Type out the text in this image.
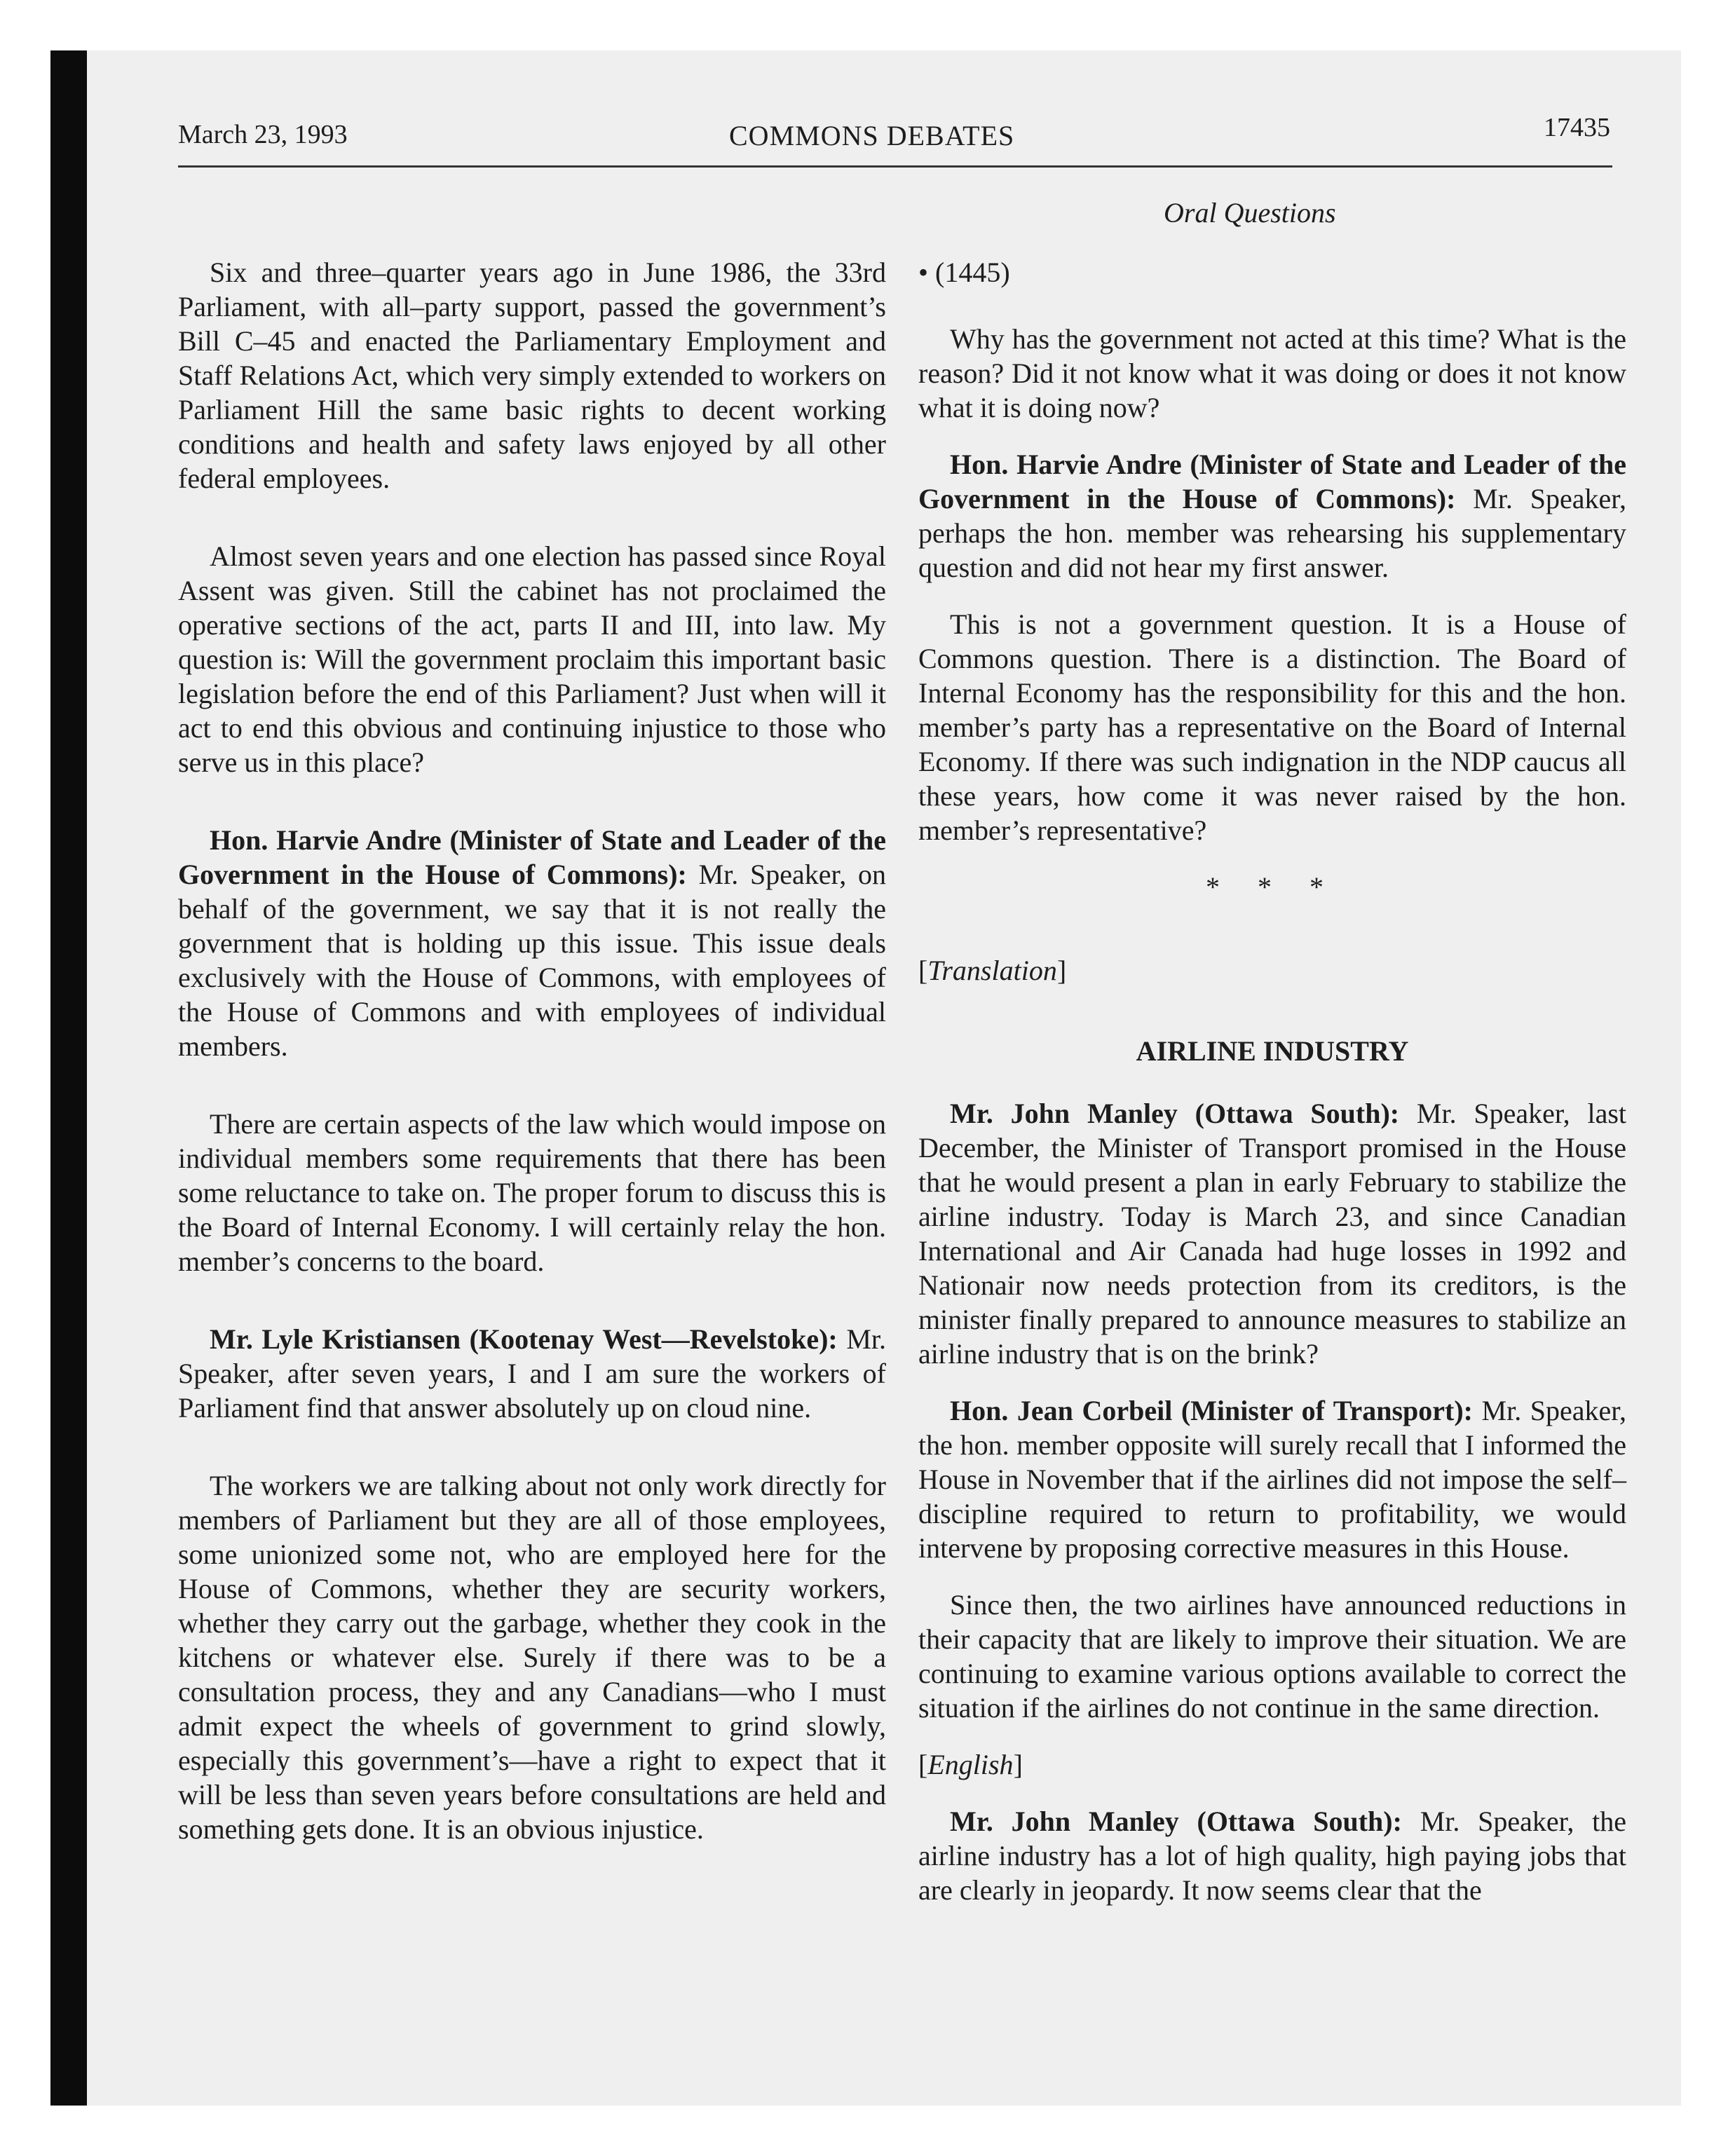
March 23, 1993	COMMONS DEBATES	17435
Oral Questions

Six and three–quarter years ago in June 1986, the 33rd Parliament, with all–party support, passed the government’s Bill C–45 and enacted the Parliamentary Employment and Staff Relations Act, which very simply extended to workers on Parliament Hill the same basic rights to decent working conditions and health and safety laws enjoyed by all other federal employees.

Almost seven years and one election has passed since Royal Assent was given. Still the cabinet has not proclaimed the operative sections of the act, parts II and III, into law. My question is: Will the government proclaim this important basic legislation before the end of this Parliament? Just when will it act to end this obvious and continuing injustice to those who serve us in this place?

Hon. Harvie Andre (Minister of State and Leader of the Government in the House of Commons): Mr. Speaker, on behalf of the government, we say that it is not really the government that is holding up this issue. This issue deals exclusively with the House of Commons, with employees of the House of Commons and with employees of individual members.

There are certain aspects of the law which would impose on individual members some requirements that there has been some reluctance to take on. The proper forum to discuss this is the Board of Internal Economy. I will certainly relay the hon. member’s concerns to the board.

Mr. Lyle Kristiansen (Kootenay West—Revelstoke): Mr. Speaker, after seven years, I and I am sure the workers of Parliament find that answer absolutely up on cloud nine.

The workers we are talking about not only work directly for members of Parliament but they are all of those employees, some unionized some not, who are employed here for the House of Commons, whether they are security workers, whether they carry out the garbage, whether they cook in the kitchens or whatever else. Surely if there was to be a consultation process, they and any Canadians—who I must admit expect the wheels of government to grind slowly, especially this government’s—have a right to expect that it will be less than seven years before consultations are held and something gets done. It is an obvious injustice.

• (1445)

Why has the government not acted at this time? What is the reason? Did it not know what it was doing or does it not know what it is doing now?

Hon. Harvie Andre (Minister of State and Leader of the Government in the House of Commons): Mr. Speaker, perhaps the hon. member was rehearsing his supplementary question and did not hear my first answer.

This is not a government question. It is a House of Commons question. There is a distinction. The Board of Internal Economy has the responsibility for this and the hon. member’s party has a representative on the Board of Internal Economy. If there was such indignation in the NDP caucus all these years, how come it was never raised by the hon. member’s representative?

* * *
[Translation]
AIRLINE INDUSTRY

Mr. John Manley (Ottawa South): Mr. Speaker, last December, the Minister of Transport promised in the House that he would present a plan in early February to stabilize the airline industry. Today is March 23, and since Canadian International and Air Canada had huge losses in 1992 and Nationair now needs protection from its creditors, is the minister finally prepared to announce measures to stabilize an airline industry that is on the brink?

Hon. Jean Corbeil (Minister of Transport): Mr. Speaker, the hon. member opposite will surely recall that I informed the House in November that if the airlines did not impose the self–discipline required to return to profitability, we would intervene by proposing corrective measures in this House.

Since then, the two airlines have announced reductions in their capacity that are likely to improve their situation. We are continuing to examine various options available to correct the situation if the airlines do not continue in the same direction.

[English]

Mr. John Manley (Ottawa South): Mr. Speaker, the airline industry has a lot of high quality, high paying jobs that are clearly in jeopardy. It now seems clear that the
